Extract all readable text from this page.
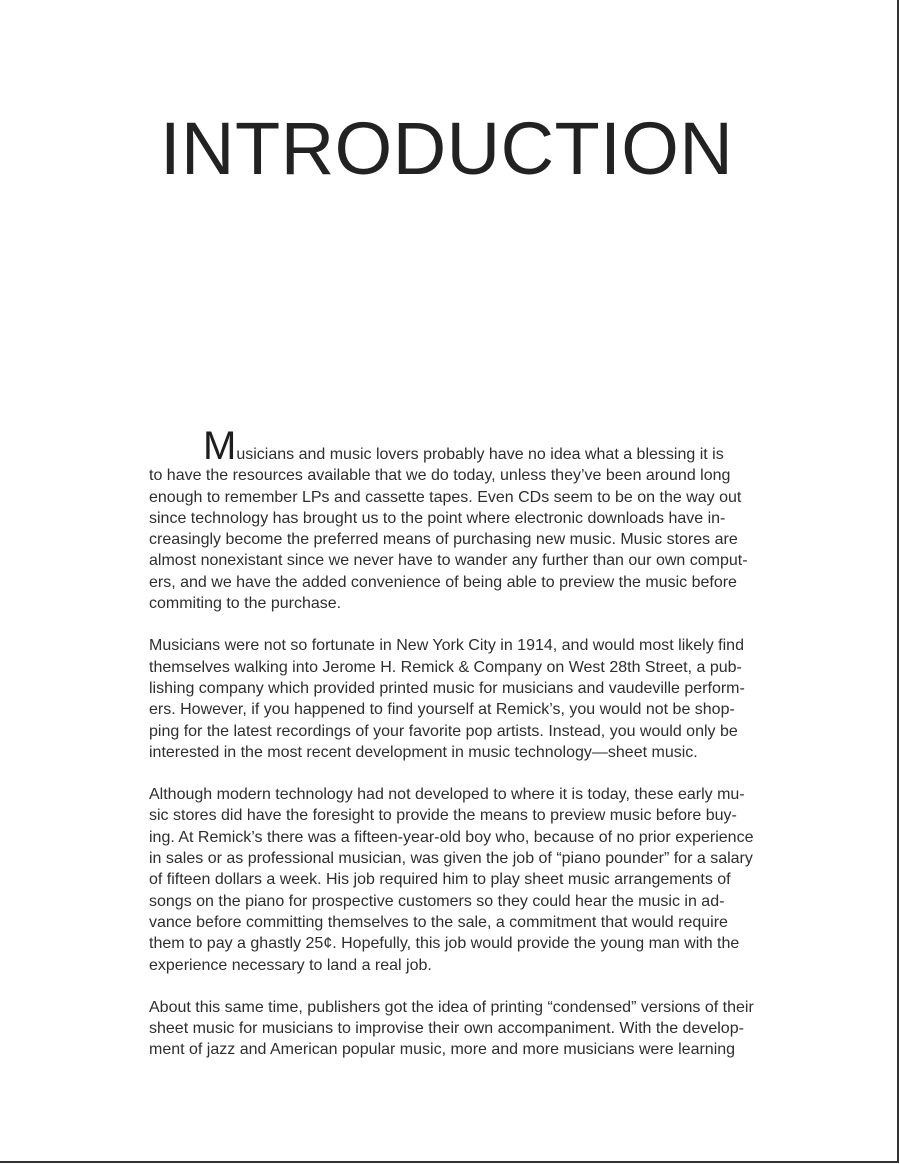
INTRODUCTION

Musicians and music lovers probably have no idea what a blessing it is
to have the resources available that we do today, unless they’ve been around long
enough to remember LPs and cassette tapes. Even CDs seem to be on the way out
since technology has brought us to the point where electronic downloads have in-
creasingly become the preferred means of purchasing new music. Music stores are
almost nonexistant since we never have to wander any further than our own comput-
ers, and we have the added convenience of being able to preview the music before
commiting to the purchase.

Musicians were not so fortunate in New York City in 1914, and would most likely find
themselves walking into Jerome H. Remick & Company on West 28th Street, a pub-
lishing company which provided printed music for musicians and vaudeville perform-
ers. However, if you happened to find yourself at Remick’s, you would not be shop-
ping for the latest recordings of your favorite pop artists. Instead, you would only be
interested in the most recent development in music technology—sheet music.

Although modern technology had not developed to where it is today, these early mu-
sic stores did have the foresight to provide the means to preview music before buy-
ing. At Remick’s there was a fifteen-year-old boy who, because of no prior experience
in sales or as professional musician, was given the job of “piano pounder” for a salary
of fifteen dollars a week. His job required him to play sheet music arrangements of
songs on the piano for prospective customers so they could hear the music in ad-
vance before committing themselves to the sale, a commitment that would require
them to pay a ghastly 25¢. Hopefully, this job would provide the young man with the
experience necessary to land a real job.

About this same time, publishers got the idea of printing “condensed” versions of their
sheet music for musicians to improvise their own accompaniment. With the develop-
ment of jazz and American popular music, more and more musicians were learning
